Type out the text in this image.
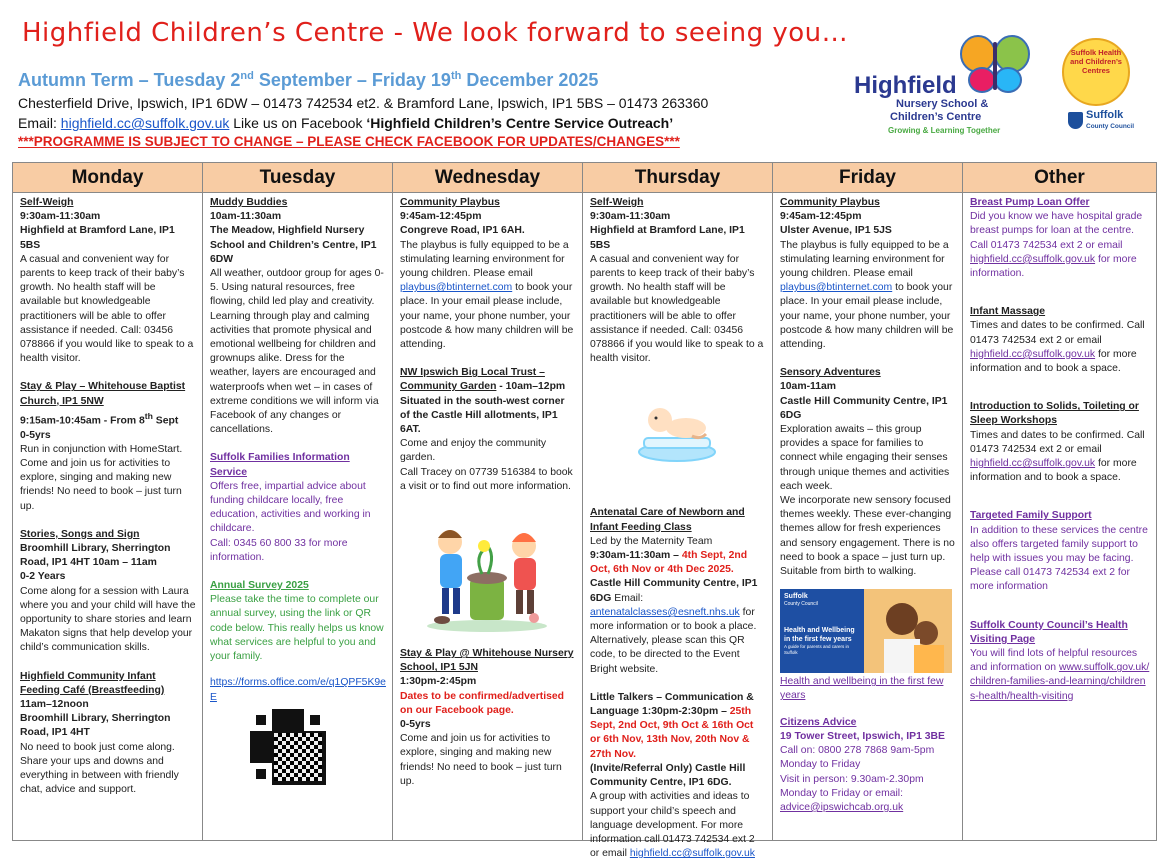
Highfield Children’s Centre - We look forward to seeing you…
Autumn Term – Tuesday 2nd September – Friday 19th December 2025
Chesterfield Drive, Ipswich, IP1 6DW – 01473 742534 et2. & Bramford Lane, Ipswich, IP1 5BS – 01473 263360
Email: highfield.cc@suffolk.gov.uk Like us on Facebook ‘Highfield Children’s Centre Service Outreach’
***PROGRAMME IS SUBJECT TO CHANGE – PLEASE CHECK FACEBOOK FOR UPDATES/CHANGES***
Highfield
Nursery School &
Children’s Centre
Growing & Learning Together
Suffolk Health and Children’s Centres
Suffolk
County Council
Monday

Self-Weigh

9:30am-11:30am

Highfield at Bramford Lane, IP1 5BS

A casual and convenient way for parents to keep track of their baby’s growth. No health staff will be available but knowledgeable practitioners will be able to offer assistance if needed. Call: 03456 078866 if you would like to speak to a health visitor.

Stay & Play – Whitehouse Baptist Church, IP1 5NW

9:15am-10:45am - From 8th Sept

0-5yrs

Run in conjunction with HomeStart. Come and join us for activities to explore, singing and making new friends! No need to book – just turn up.

Stories, Songs and Sign

Broomhill Library, Sherrington Road, IP1 4HT 10am – 11am

0-2 Years

Come along for a session with Laura where you and your child will have the opportunity to share stories and learn Makaton signs that help develop your child’s communication skills.

Highfield Community Infant Feeding Café (Breastfeeding)

11am–12noon

Broomhill Library, Sherrington Road, IP1 4HT

No need to book just come along. Share your ups and downs and everything in between with friendly chat, advice and support.

Tuesday

Muddy Buddies

10am-11:30am

The Meadow, Highfield Nursery School and Children’s Centre, IP1 6DW

All weather, outdoor group for ages 0-5. Using natural resources, free flowing, child led play and creativity. Learning through play and calming activities that promote physical and emotional wellbeing for children and grownups alike. Dress for the weather, layers are encouraged and waterproofs when wet – in cases of extreme conditions we will inform via Facebook of any changes or cancellations.

Suffolk Families Information Service

Offers free, impartial advice about funding childcare locally, free education, activities and working in childcare.

Call: 0345 60 800 33 for more information.

Annual Survey 2025

Please take the time to complete our annual survey, using the link or QR code below. This really helps us know what services are helpful to you and your family.

https://forms.office.com/e/q1QPF5K9eE

Wednesday

Community Playbus

9:45am-12:45pm

Congreve Road, IP1 6AH.

The playbus is fully equipped to be a stimulating learning environment for young children. Please email playbus@btinternet.com to book your place. In your email please include, your name, your phone number, your postcode & how many children will be attending.

NW Ipswich Big Local Trust – Community Garden - 10am–12pm

Situated in the south-west corner of the Castle Hill allotments, IP1 6AT.

Come and enjoy the community garden.

Call Tracey on 07739 516384 to book a visit or to find out more information.

Stay & Play @ Whitehouse Nursery School, IP1 5JN

1:30pm-2:45pm

Dates to be confirmed/advertised on our Facebook page.

0-5yrs

Come and join us for activities to explore, singing and making new friends! No need to book – just turn up.

Thursday

Self-Weigh

9:30am-11:30am

Highfield at Bramford Lane, IP1 5BS

A casual and convenient way for parents to keep track of their baby’s growth. No health staff will be available but knowledgeable practitioners will be able to offer assistance if needed. Call: 03456 078866 if you would like to speak to a health visitor.

Antenatal Care of Newborn and Infant Feeding Class

Led by the Maternity Team

9:30am-11:30am – 4th Sept, 2nd Oct, 6th Nov or 4th Dec 2025. Castle Hill Community Centre, IP1 6DG Email: antenatalclasses@esneft.nhs.uk for more information or to book a place. Alternatively, please scan this QR code, to be directed to the Event Bright website.

Little Talkers – Communication & Language 1:30pm-2:30pm – 25th Sept, 2nd Oct, 9th Oct & 16th Oct or 6th Nov, 13th Nov, 20th Nov & 27th Nov.

(Invite/Referral Only) Castle Hill Community Centre, IP1 6DG.

A group with activities and ideas to support your child’s speech and language development. For more information call 01473 742534 ext 2 or email highfield.cc@suffolk.gov.uk

Friday

Community Playbus

9:45am-12:45pm

Ulster Avenue, IP1 5JS

The playbus is fully equipped to be a stimulating learning environment for young children. Please email playbus@btinternet.com to book your place. In your email please include, your name, your phone number, your postcode & how many children will be attending.

Sensory Adventures

10am-11am

Castle Hill Community Centre, IP1 6DG

Exploration awaits – this group provides a space for families to connect while engaging their senses through unique themes and activities each week.

We incorporate new sensory focused themes weekly. These ever-changing themes allow for fresh experiences and sensory engagement. There is no need to book a space – just turn up. Suitable from birth to walking.

Suffolk
County Council
Health and Wellbeing in the first few years
A guide for parents and carers in Suffolk

Health and wellbeing in the first few years

Citizens Advice

19 Tower Street, Ipswich, IP1 3BE

Call on: 0800 278 7868 9am-5pm Monday to Friday

Visit in person: 9.30am-2.30pm Monday to Friday or email:

advice@ipswichcab.org.uk

Other

Breast Pump Loan Offer

Did you know we have hospital grade breast pumps for loan at the centre.

Call 01473 742534 ext 2 or email highfield.cc@suffolk.gov.uk for more information.

Infant Massage

Times and dates to be confirmed. Call 01473 742534 ext 2 or email highfield.cc@suffolk.gov.uk for more information and to book a space.

Introduction to Solids, Toileting or Sleep Workshops

Times and dates to be confirmed. Call 01473 742534 ext 2 or email highfield.cc@suffolk.gov.uk for more information and to book a space.

Targeted Family Support

In addition to these services the centre also offers targeted family support to help with issues you may be facing. Please call 01473 742534 ext 2 for more information

Suffolk County Council’s Health Visiting Page

You will find lots of helpful resources and information on www.suffolk.gov.uk/children-families-and-learning/childrens-health/health-visiting
